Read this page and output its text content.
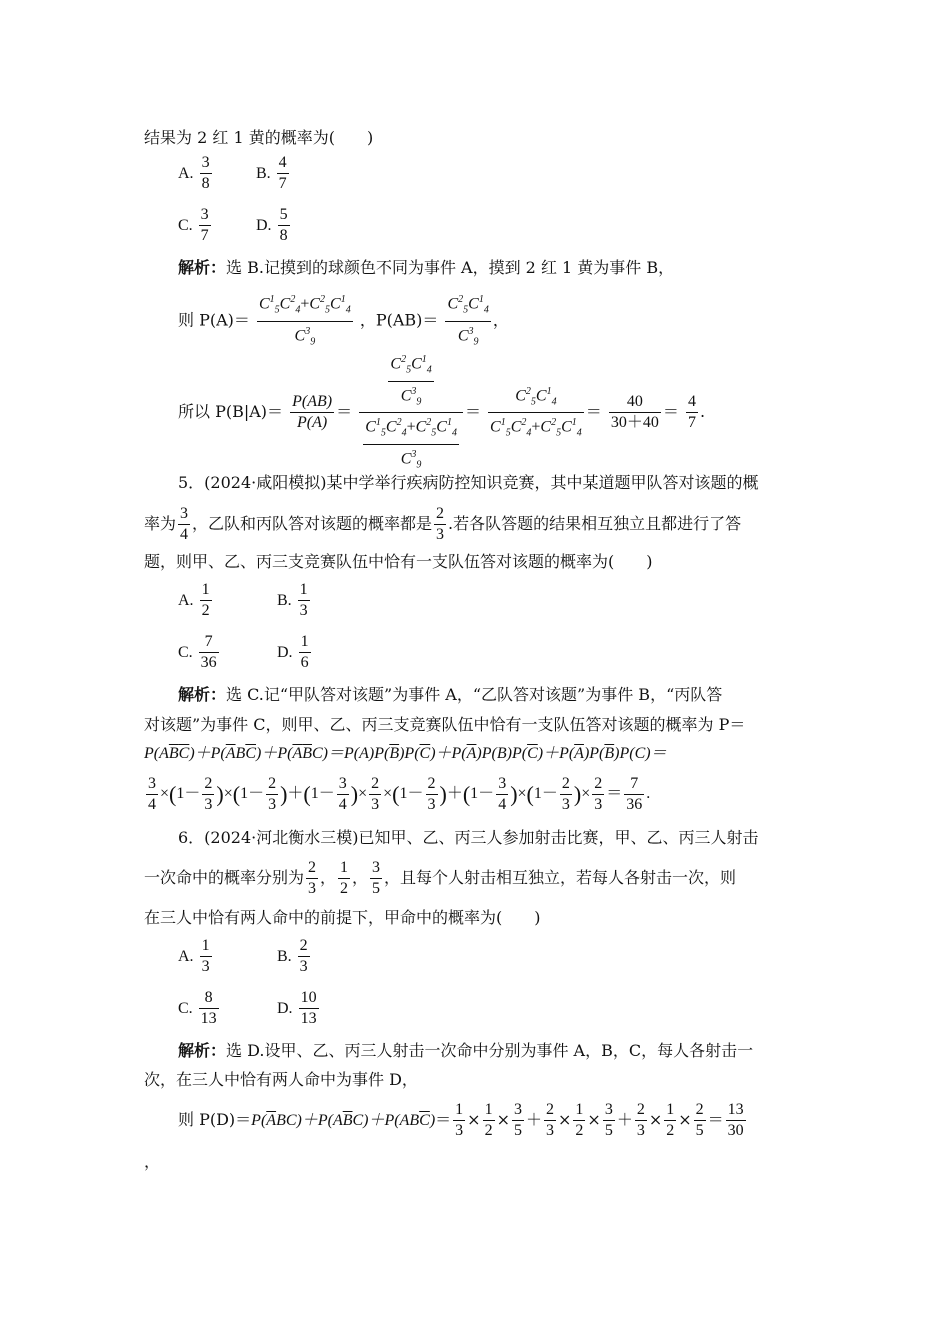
结果为 2 红 1 黄的概率为(　　)
A. $\frac{3}{8}$	B. $\frac{4}{7}$
C. $\frac{3}{7}$	D. $\frac{5}{8}$
解析：选 B.记摸到的球颜色不同为事件 A，摸到 2 红 1 黄为事件 B，
则 $P(A)= \frac{C^1_5C^2_4+C^2_5C^1_4}{C^3_9}$ ，$P(AB)= \frac{C^2_5C^1_4}{C^3_9}$ ，
所以 $P(B|A)= \frac{P(AB)}{P(A)} = \frac{\frac{C^2_5C^1_4}{C^3_9}}{\frac{C^1_5C^2_4+C^2_5C^1_4}{C^3_9}} = \frac{C^2_5C^1_4}{C^1_5C^2_4+C^2_5C^1_4} = \frac{40}{30+40} = \frac{4}{7}$ .
5．(2024·咸阳模拟)某中学举行疾病防控知识竞赛，其中某道题甲队答对该题的概
率为 $\frac{3}{4}$ ，乙队和丙队答对该题的概率都是 $\frac{2}{3}$ .若各队答题的结果相互独立且都进行了答
题，则甲、乙、丙三支竞赛队伍中恰有一支队伍答对该题的概率为(　　)
A. $\frac{1}{2}$	B. $\frac{1}{3}$
C. $\frac{7}{36}$	D. $\frac{1}{6}$
解析：选 C.记“甲队答对该题”为事件 A，“乙队答对该题”为事件 B，“丙队答
对该题”为事件 C，则甲、乙、丙三支竞赛队伍中恰有一支队伍答对该题的概率为 P＝
$P(A\overline{B}\overline{C})+P(\overline{A}B\overline{C})+P(\overline{A}\overline{B}C)=P(A)P(\overline{B})P(\overline{C})+P(\overline{A})P(B)P(\overline{C})+P(\overline{A})P(\overline{B})P(C)=$
$\frac{3}{4} \times(1- \frac{2}{3} )\times(1- \frac{2}{3} )+(1- \frac{3}{4}$ )× $\frac{2}{3} \times(1- \frac{2}{3} )+(1- \frac{3}{4} )\times(1- \frac{2}{3}$ )× $\frac{2}{3} = \frac{7}{36}$ .
6．(2024·河北衡水三模)已知甲、乙、丙三人参加射击比赛，甲、乙、丙三人射击
一次命中的概率分别为 $\frac{2}{3}$ ， $\frac{1}{2}$ ， $\frac{3}{5}$ ，且每个人射击相互独立，若每人各射击一次，则
在三人中恰有两人命中的前提下，甲命中的概率为(　　)
A. $\frac{1}{3}$	B. $\frac{2}{3}$
C. $\frac{8}{13}$	D. $\frac{10}{13}$
解析：选 D.设甲、乙、丙三人射击一次命中分别为事件 A，B，C，每人各射击一
次，在三人中恰有两人命中为事件 D，
则 $P(D)=P(\overline{A}BC)+P(A\overline{B}C)+P(AB\overline{C})= \frac{1}{3} \times \frac{1}{2} \times \frac{3}{5} + \frac{2}{3} \times \frac{1}{2} \times \frac{3}{5} + \frac{2}{3} \times \frac{1}{2} \times \frac{2}{5} = \frac{13}{30}$
，
